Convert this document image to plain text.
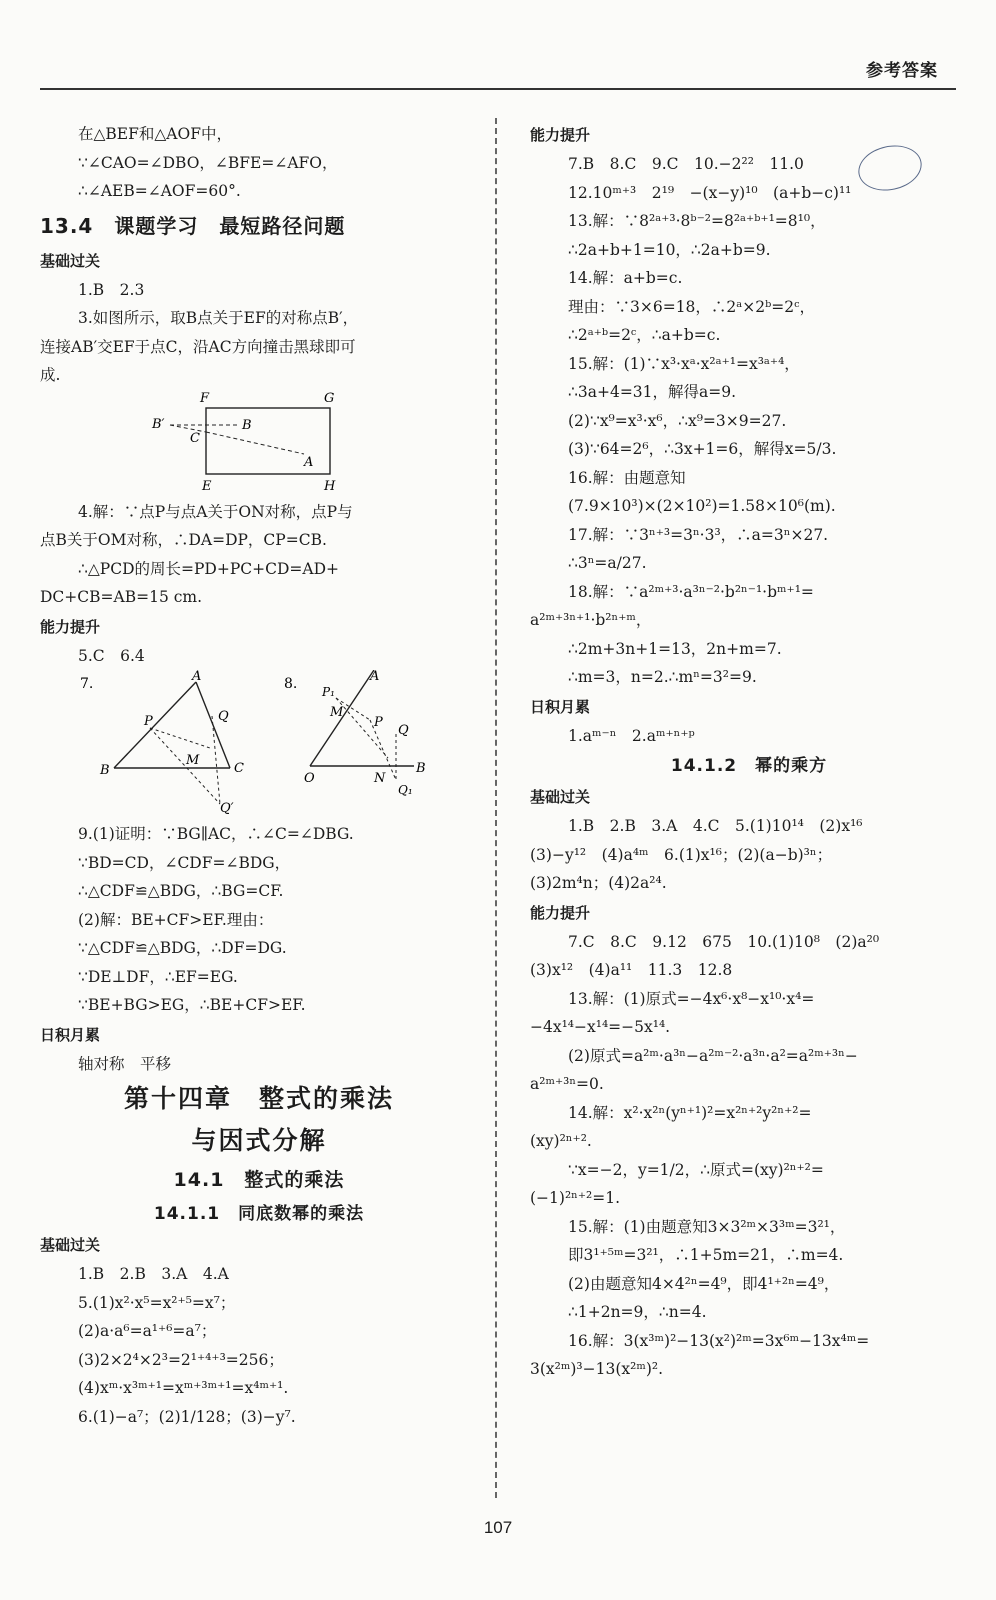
参考答案
在△BEF和△AOF中，
∵∠CAO=∠DBO，∠BFE=∠AFO，
∴∠AEB=∠AOF=60°.
13.4　课题学习　最短路径问题
基础过关
1.B　2.3
3.如图所示，取B点关于EF的对称点B′，
连接AB′交EF于点C，沿AC方向撞击黑球即可
成.
F	G
B′	B
C
A
E	H
4.解：∵点P与点A关于ON对称，点P与
点B关于OM对称，∴DA=DP，CP=CB.
∴△PCD的周长=PD+PC+CD=AD+
DC+CB=AB=15 cm.
能力提升
5.C　6.4
7.	A
P	Q
B
M
C
Q′
8.	A
P₁
M
P
Q
O	N
B
Q₁
9.(1)证明：∵BG∥AC，∴∠C=∠DBG.
∵BD=CD，∠CDF=∠BDG，
∴△CDF≌△BDG，∴BG=CF.
(2)解：BE+CF>EF.理由：
∵△CDF≌△BDG，∴DF=DG.
∵DE⊥DF，∴EF=EG.
∵BE+BG>EG，∴BE+CF>EF.
日积月累
轴对称　平移
第十四章　整式的乘法
与因式分解
14.1　整式的乘法
14.1.1　同底数幂的乘法
基础过关
1.B　2.B　3.A　4.A
5.(1)x²·x⁵=x²⁺⁵=x⁷；
(2)a·a⁶=a¹⁺⁶=a⁷；
(3)2×2⁴×2³=2¹⁺⁴⁺³=256；
(4)xᵐ·x³ᵐ⁺¹=xᵐ⁺³ᵐ⁺¹=x⁴ᵐ⁺¹.
6.(1)−a⁷；(2)1/128；(3)−y⁷.
能力提升
7.B　8.C　9.C　10.−2²²　11.0
12.10ᵐ⁺³　2¹⁹　−(x−y)¹⁰　(a+b−c)¹¹
13.解：∵8²ᵃ⁺³·8ᵇ⁻²=8²ᵃ⁺ᵇ⁺¹=8¹⁰，
∴2a+b+1=10，∴2a+b=9.
14.解：a+b=c.
理由：∵3×6=18，∴2ᵃ×2ᵇ=2ᶜ，
∴2ᵃ⁺ᵇ=2ᶜ，∴a+b=c.
15.解：(1)∵x³·xᵃ·x²ᵃ⁺¹=x³ᵃ⁺⁴，
∴3a+4=31，解得a=9.
(2)∵x⁹=x³·x⁶，∴x⁹=3×9=27.
(3)∵64=2⁶，∴3x+1=6，解得x=5/3.
16.解：由题意知
(7.9×10³)×(2×10²)=1.58×10⁶(m).
17.解：∵3ⁿ⁺³=3ⁿ·3³，∴a=3ⁿ×27.
∴3ⁿ=a/27.
18.解：∵a²ᵐ⁺³·a³ⁿ⁻²·b²ⁿ⁻¹·bᵐ⁺¹=
a²ᵐ⁺³ⁿ⁺¹·b²ⁿ⁺ᵐ，
∴2m+3n+1=13，2n+m=7.
∴m=3，n=2.∴mⁿ=3²=9.
日积月累
1.aᵐ⁻ⁿ　2.aᵐ⁺ⁿ⁺ᵖ
14.1.2　幂的乘方
基础过关
1.B　2.B　3.A　4.C　5.(1)10¹⁴　(2)x¹⁶
(3)−y¹²　(4)a⁴ᵐ　6.(1)x¹⁶；(2)(a−b)³ⁿ；
(3)2m⁴n；(4)2a²⁴.
能力提升
7.C　8.C　9.12　675　10.(1)10⁸　(2)a²⁰
(3)x¹²　(4)a¹¹　11.3　12.8
13.解：(1)原式=−4x⁶·x⁸−x¹⁰·x⁴=
−4x¹⁴−x¹⁴=−5x¹⁴.
(2)原式=a²ᵐ·a³ⁿ−a²ᵐ⁻²·a³ⁿ·a²=a²ᵐ⁺³ⁿ−
a²ᵐ⁺³ⁿ=0.
14.解：x²·x²ⁿ(yⁿ⁺¹)²=x²ⁿ⁺²y²ⁿ⁺²=
(xy)²ⁿ⁺².
∵x=−2，y=1/2，∴原式=(xy)²ⁿ⁺²=
(−1)²ⁿ⁺²=1.
15.解：(1)由题意知3×3²ᵐ×3³ᵐ=3²¹，
即3¹⁺⁵ᵐ=3²¹，∴1+5m=21，∴m=4.
(2)由题意知4×4²ⁿ=4⁹，即4¹⁺²ⁿ=4⁹，
∴1+2n=9，∴n=4.
16.解：3(x³ᵐ)²−13(x²)²ᵐ=3x⁶ᵐ−13x⁴ᵐ=
3(x²ᵐ)³−13(x²ᵐ)².
107
